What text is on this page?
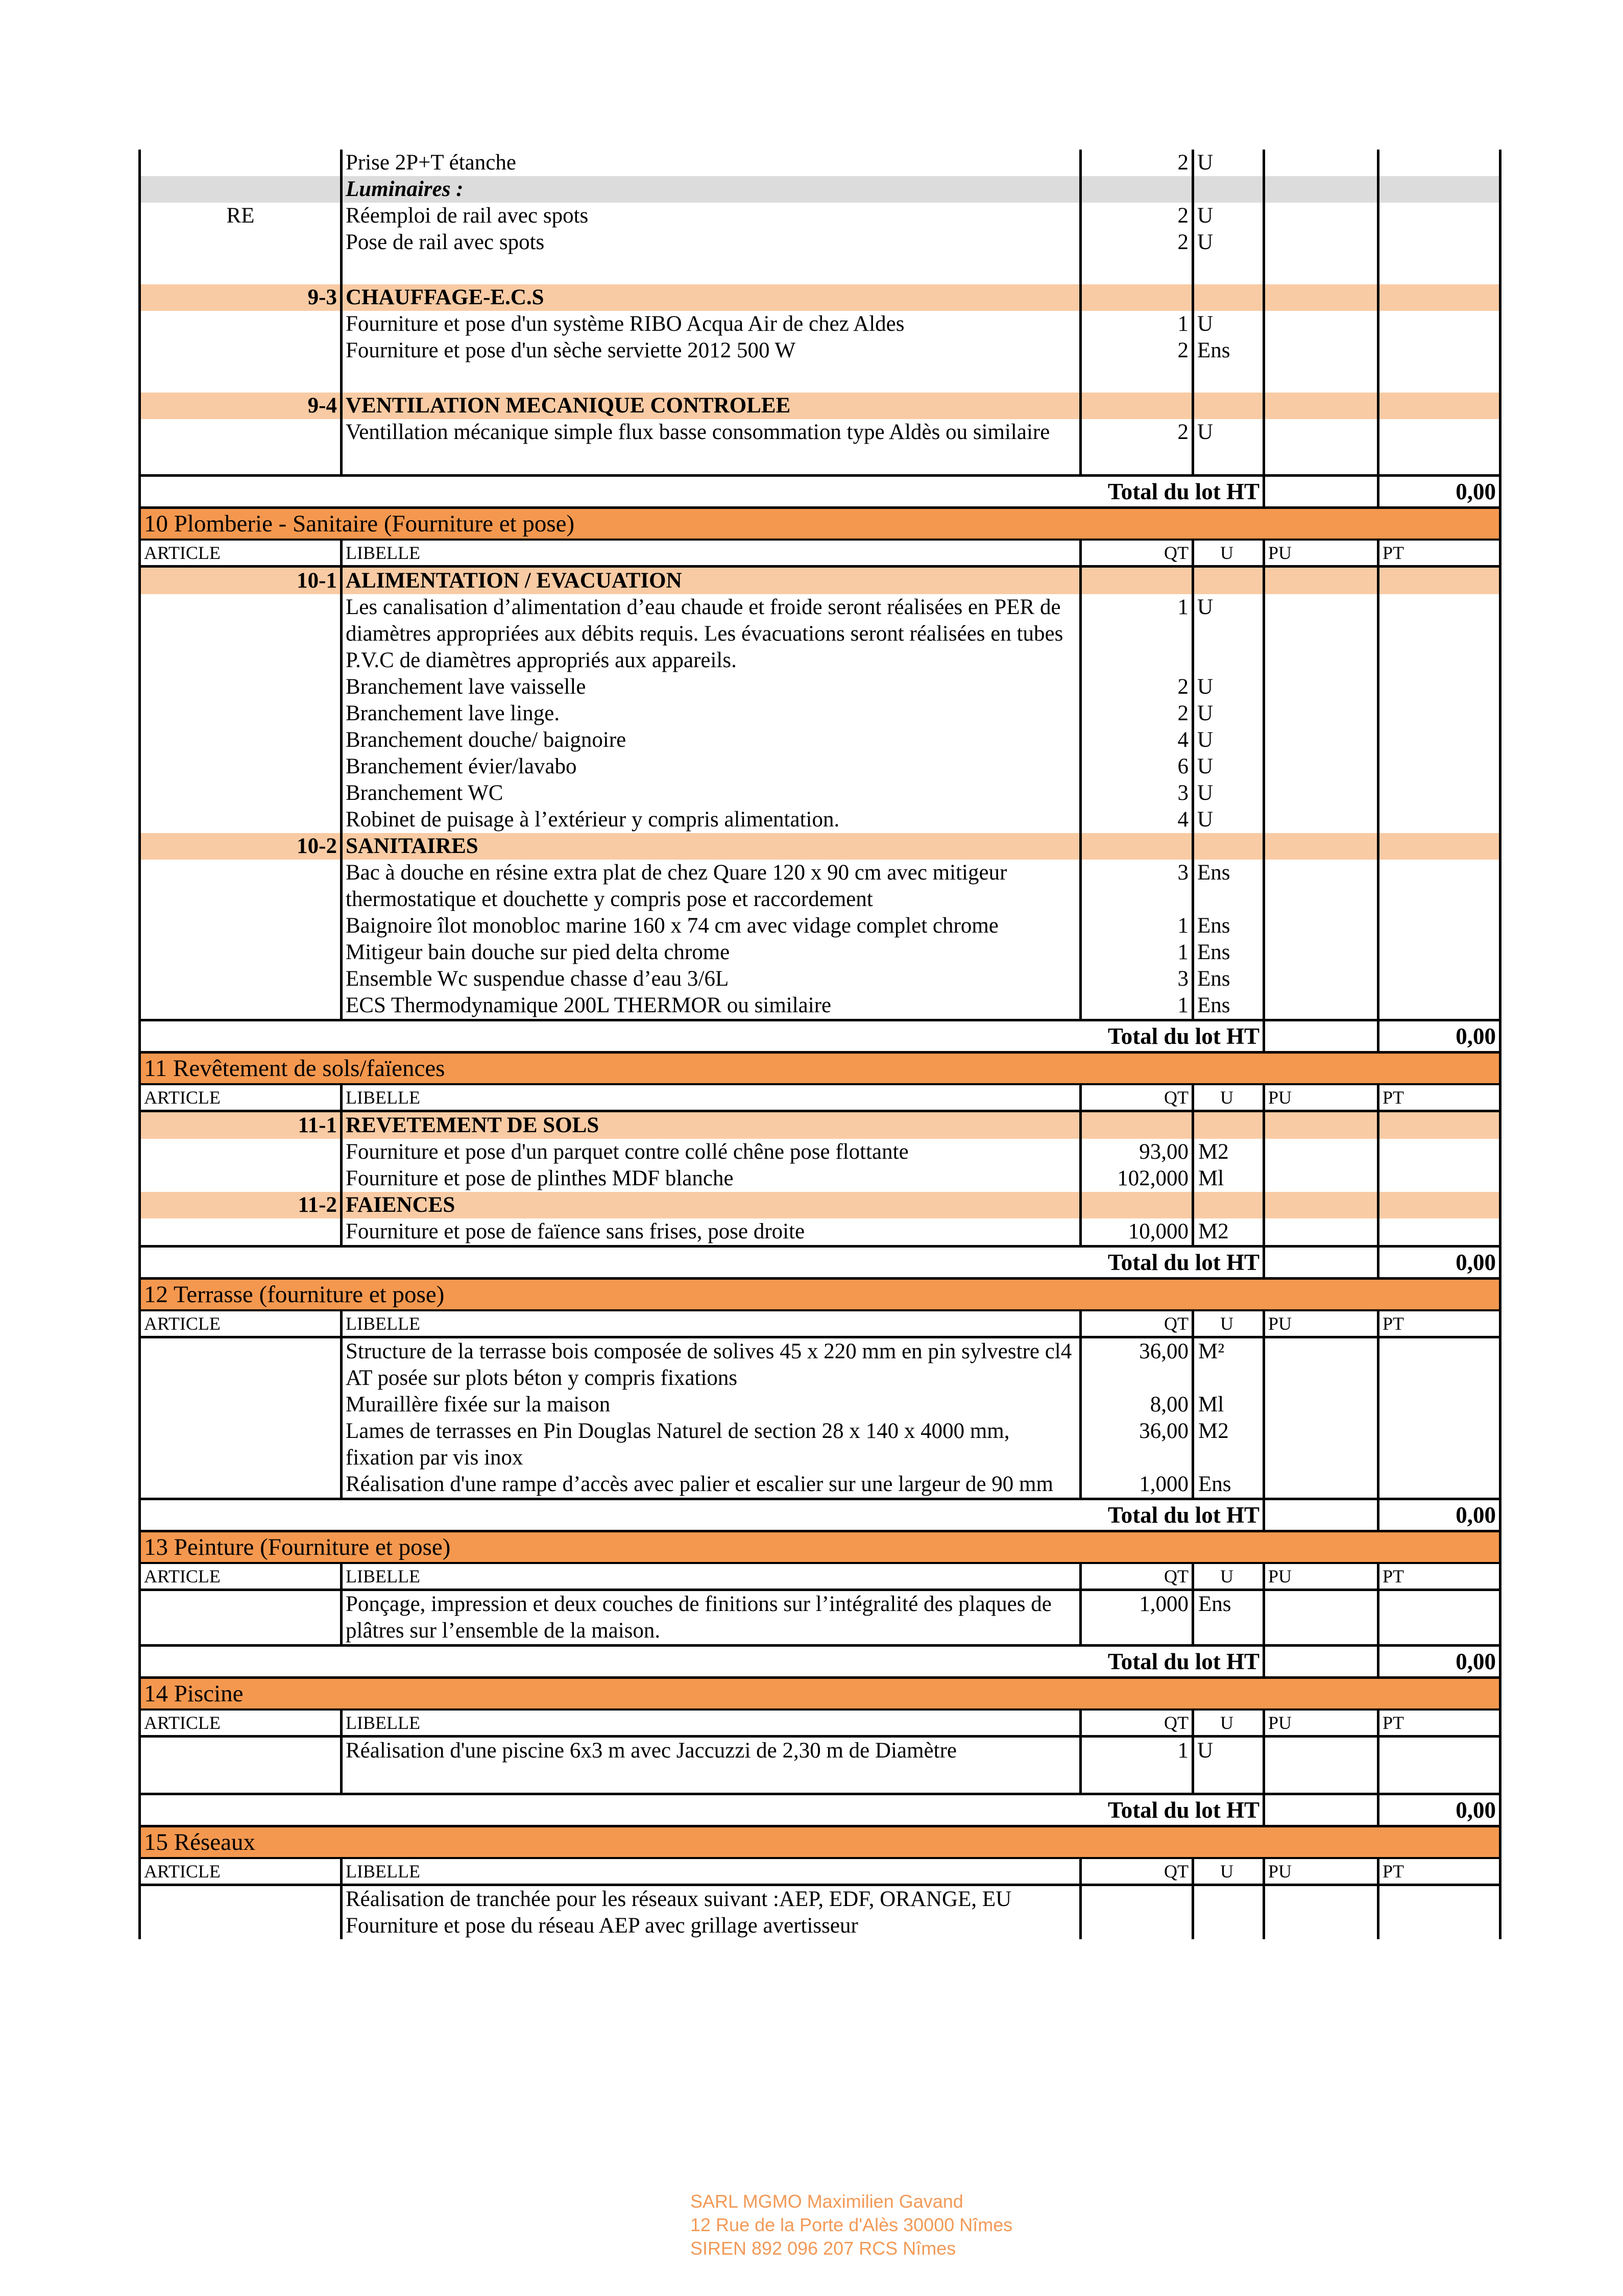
	Prise 2P+T étanche	2	U		
	Luminaires :				
RE	Réemploi de rail avec spots	2	U		
	Pose de rail avec spots	2	U		

9-3	CHAUFFAGE-E.C.S				
	Fourniture et pose d'un système RIBO Acqua Air de chez Aldes	1	U		
	Fourniture et pose d'un sèche serviette 2012 500 W	2	Ens		

9-4	VENTILATION MECANIQUE CONTROLEE				
	Ventillation mécanique simple flux basse consommation type Aldès ou similaire	2	U		

Total du lot HT					0,00
10 Plomberie - Sanitaire (Fourniture et pose)					
ARTICLE	LIBELLE	QT	U	PU	PT
10-1	ALIMENTATION / EVACUATION				
	Les canalisation d’alimentation d’eau chaude et froide seront réalisées en PER de diamètres appropriées aux débits requis. Les évacuations seront réalisées en tubes P.V.C de diamètres appropriés aux appareils.	1	U		
	Branchement lave vaisselle	2	U		
	Branchement lave linge.	2	U		
	Branchement douche/ baignoire	4	U		
	Branchement évier/lavabo	6	U		
	Branchement WC	3	U		
	Robinet de puisage à l’extérieur y compris alimentation.	4	U		
10-2	SANITAIRES				
	Bac à douche en résine extra plat de chez Quare 120 x 90 cm avec mitigeur thermostatique et douchette y compris pose et raccordement	3	Ens		
	Baignoire îlot monobloc marine 160 x 74 cm avec vidage complet chrome	1	Ens		
	Mitigeur bain douche sur pied delta chrome	1	Ens		
	Ensemble Wc suspendue chasse d’eau 3/6L	3	Ens		
	ECS Thermodynamique 200L THERMOR ou similaire	1	Ens		
Total du lot HT					0,00
11 Revêtement de sols/faïences					
ARTICLE	LIBELLE	QT	U	PU	PT
11-1	REVETEMENT DE SOLS				
	Fourniture et pose d'un parquet contre collé chêne pose flottante	93,00	M2		
	Fourniture et pose de plinthes MDF blanche	102,000	Ml		
11-2	FAIENCES				
	Fourniture et pose de faïence sans frises, pose droite	10,000	M2		
Total du lot HT					0,00
12 Terrasse (fourniture et pose)					
ARTICLE	LIBELLE	QT	U	PU	PT
	Structure de la terrasse bois composée de solives 45 x 220 mm en pin sylvestre cl4 AT posée sur plots béton y compris fixations	36,00	M²		
	Muraillère fixée sur la maison	8,00	Ml		
	Lames de terrasses en Pin Douglas Naturel de section 28 x 140 x 4000 mm, fixation par vis inox	36,00	M2		
	Réalisation d'une rampe d’accès avec palier et escalier sur une largeur de 90 mm	1,000	Ens		
Total du lot HT					0,00
13 Peinture (Fourniture et pose)					
ARTICLE	LIBELLE	QT	U	PU	PT
	Ponçage, impression et deux couches de finitions sur l’intégralité des plaques de plâtres sur l’ensemble de la maison.	1,000	Ens		
Total du lot HT					0,00
14 Piscine					
ARTICLE	LIBELLE	QT	U	PU	PT
	Réalisation d'une piscine 6x3 m avec Jaccuzzi de 2,30 m de Diamètre	1	U		

Total du lot HT					0,00
15 Réseaux					
ARTICLE	LIBELLE	QT	U	PU	PT
	Réalisation de tranchée pour les réseaux suivant :AEP, EDF, ORANGE, EU				
	Fourniture et pose du réseau AEP avec grillage avertisseur				
SARL MGMO Maximilien Gavand
12 Rue de la Porte d'Alès 30000 Nîmes
SIREN 892 096 207 RCS Nîmes
